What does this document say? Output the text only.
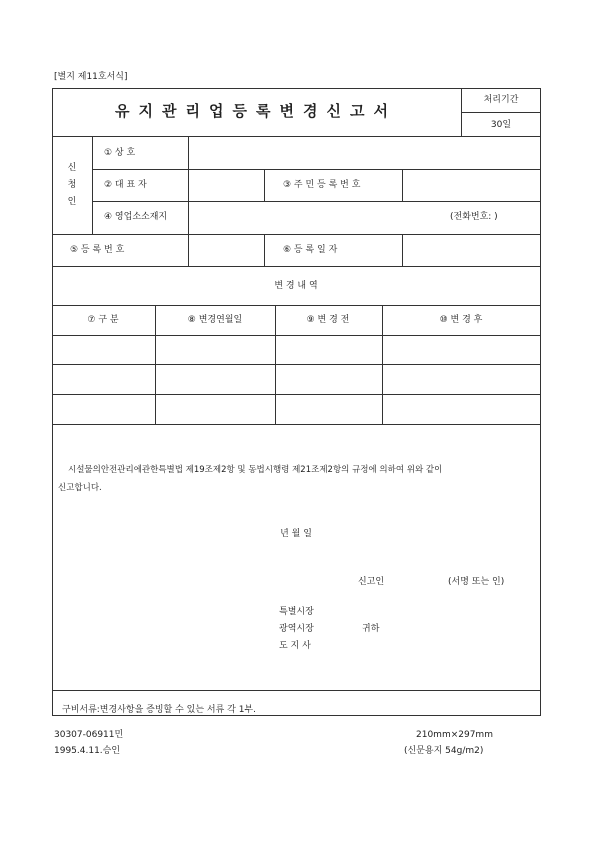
[별지 제11호서식]
유지관리업등록변경신고서
처리기간
30일
신
청
인
① 상 호
② 대 표 자	③ 주 민 등 록 번 호
④ 영업소소재지	(전화번호: )
⑤ 등 록 번 호	⑥ 등 록 일 자
변 경 내 역
⑦ 구 분	⑧ 변경연월일	⑨ 변 경 전	⑩ 변 경 후
시설물의안전관리에관한특별법 제19조제2항 및 동법시행령 제21조제2항의 규정에 의하여 위와 같이
신고합니다.
년 월 일
신고인	(서명 또는 인)
특별시장
광역시장
도 지 사
귀하
구비서류:변경사항을 증빙할 수 있는 서류 각 1부.
30307-06911민
1995.4.11.승인
210mm×297mm
(신문용지 54g/m2)
